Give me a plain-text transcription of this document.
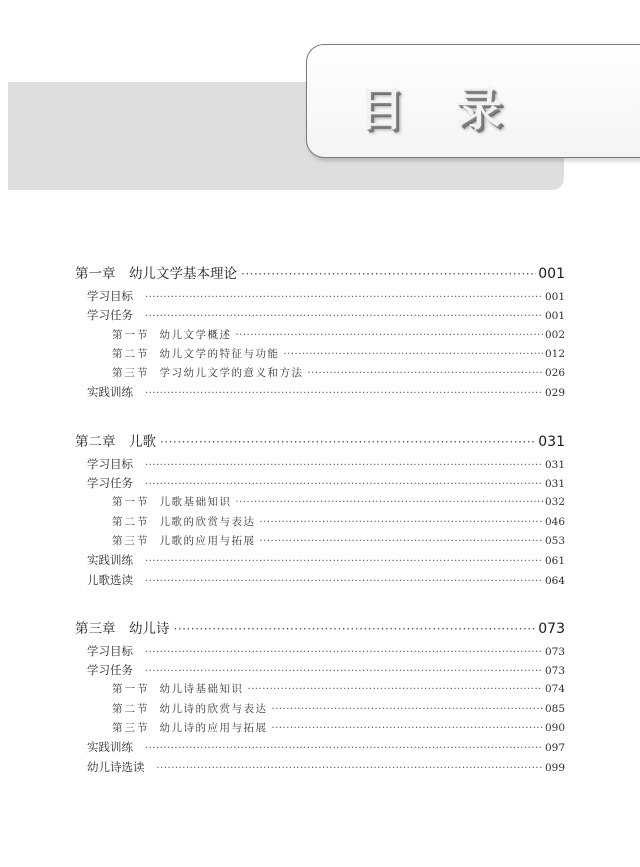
目录
第一章　幼儿文学基本理论 ·····	001
学习目标 ·····	001
学习任务 ·····	001
第一节 幼儿文学概述 ·····	002
第二节 幼儿文学的特征与功能 ·····	012
第三节 学习幼儿文学的意义和方法 ·····	026
实践训练 ·····	029
第二章　儿歌 ·····	031
学习目标 ·····	031
学习任务 ·····	031
第一节 儿歌基础知识 ·····	032
第二节 儿歌的欣赏与表达 ·····	046
第三节 儿歌的应用与拓展 ·····	053
实践训练 ·····	061
儿歌选读 ·····	064
第三章　幼儿诗 ·····	073
学习目标 ·····	073
学习任务 ·····	073
第一节 幼儿诗基础知识 ·····	074
第二节 幼儿诗的欣赏与表达 ·····	085
第三节 幼儿诗的应用与拓展 ·····	090
实践训练 ·····	097
幼儿诗选读 ·····	099
